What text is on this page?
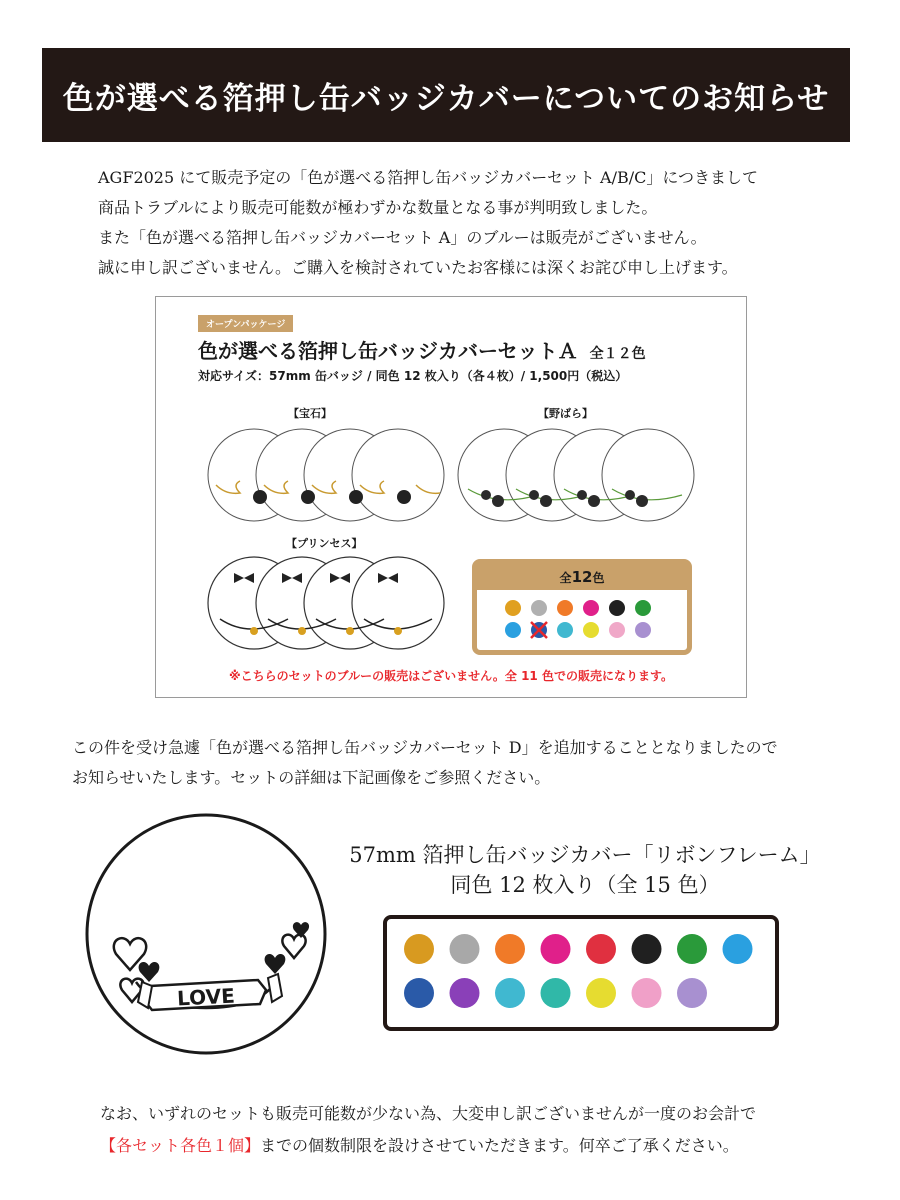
色が選べる箔押し缶バッジカバーについてのお知らせ

AGF2025 にて販売予定の「色が選べる箔押し缶バッジカバーセット A/B/C」につきまして

商品トラブルにより販売可能数が極わずかな数量となる事が判明致しました。

また「色が選べる箔押し缶バッジカバーセット A」のブルーは販売がございません。

誠に申し訳ございません。ご購入を検討されていたお客様には深くお詫び申し上げます。

オープンパッケージ
色が選べる箔押し缶バッジカバーセットＡ 全１２色
対応サイズ：57mm 缶バッジ / 同色 12 枚入り（各４枚）/ 1,500円（税込）
【宝石】	【野ばら】
【プリンセス】
全12色
※こちらのセットのブルーの販売はございません。全 11 色での販売になります。

この件を受け急遽「色が選べる箔押し缶バッジカバーセット D」を追加することとなりましたので

お知らせいたします。セットの詳細は下記画像をご参照ください。

LOVE

57mm 箔押し缶バッジカバー「リボンフレーム」

同色 12 枚入り（全 15 色）

なお、いずれのセットも販売可能数が少ない為、大変申し訳ございませんが一度のお会計で

【各セット各色１個】までの個数制限を設けさせていただきます。何卒ご了承ください。
